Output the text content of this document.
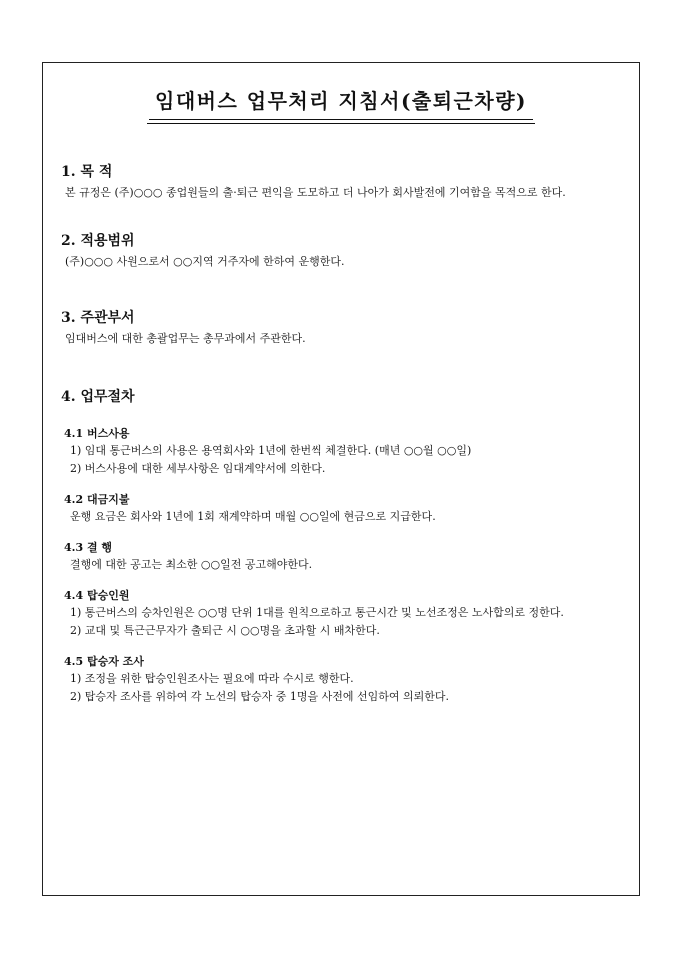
임대버스 업무처리 지침서(출퇴근차량)

1. 목 적

본 규정은 (주)○○○ 종업원들의 출·퇴근 편익을 도모하고 더 나아가 회사발전에 기여함을 목적으로 한다.

2. 적용범위

(주)○○○ 사원으로서 ○○지역 거주자에 한하여 운행한다.

3. 주관부서

임대버스에 대한 총괄업무는 총무과에서 주관한다.

4. 업무절차

4.1 버스사용

1) 임대 통근버스의 사용은 용역회사와 1년에 한번씩 체결한다. (매년 ○○월 ○○일)

2) 버스사용에 대한 세부사항은 임대계약서에 의한다.

4.2 대금지불

운행 요금은 회사와 1년에 1회 재계약하며 매월 ○○일에 현금으로 지급한다.

4.3 결 행

결행에 대한 공고는 최소한 ○○일전 공고해야한다.

4.4 탑승인원

1) 통근버스의 승차인원은 ○○명 단위 1대를 원칙으로하고 통근시간 및 노선조정은 노사합의로 정한다.

2) 교대 및 특근근무자가 출퇴근 시 ○○명을 초과할 시 배차한다.

4.5 탑승자 조사

1) 조정을 위한 탑승인원조사는 필요에 따라 수시로 행한다.

2) 탑승자 조사를 위하여 각 노선의 탑승자 중 1명을 사전에 선임하여 의뢰한다.
